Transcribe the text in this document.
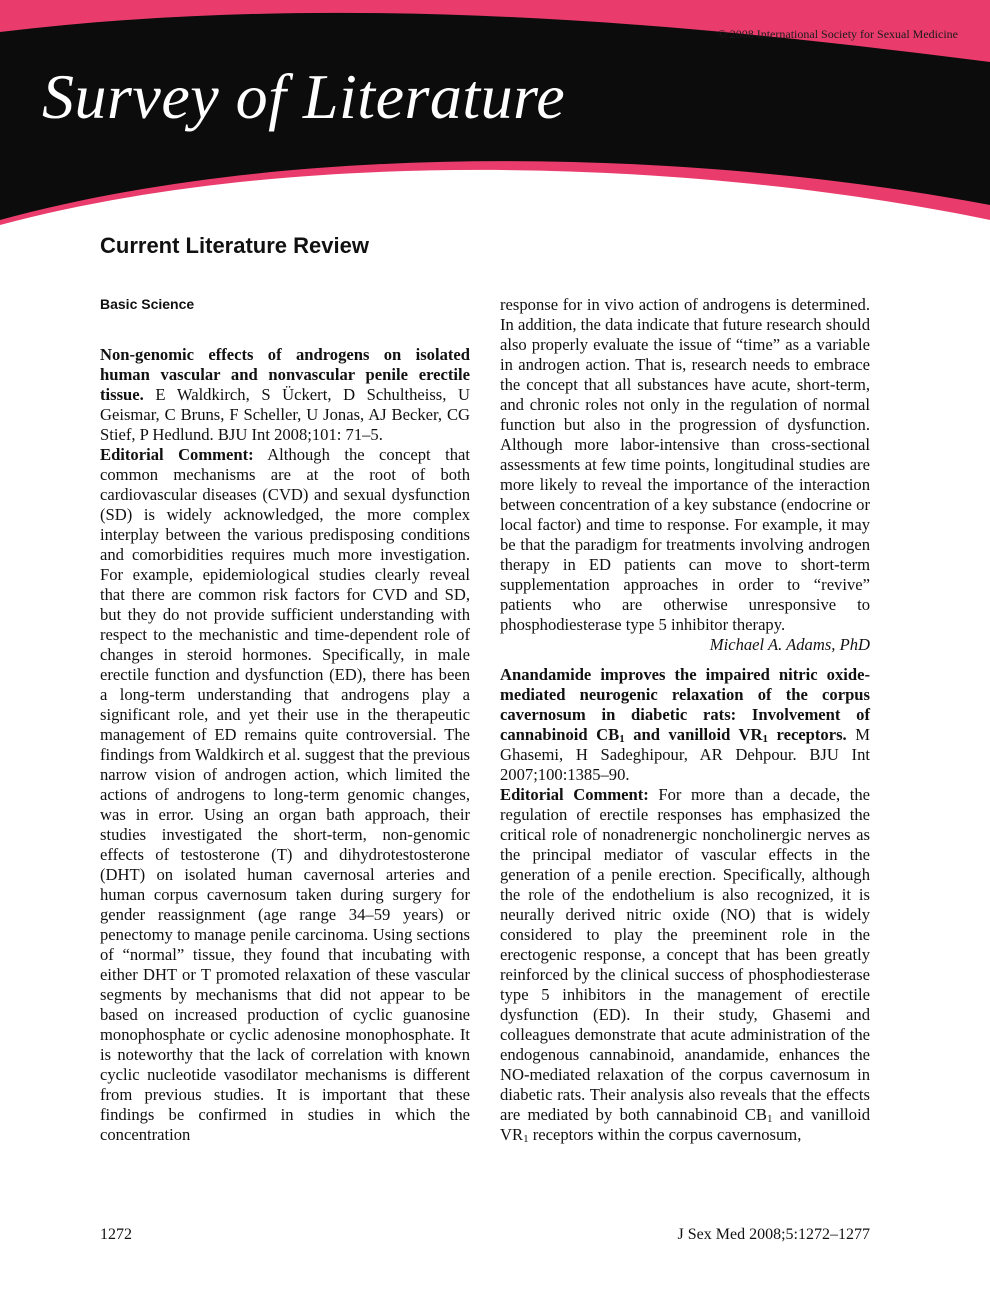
© 2008 International Society for Sexual Medicine
Survey of Literature
Current Literature Review
Basic Science

Non-genomic effects of androgens on isolated human vascular and nonvascular penile erectile tissue. E Waldkirch, S Ückert, D Schultheiss, U Geismar, C Bruns, F Scheller, U Jonas, AJ Becker, CG Stief, P Hedlund. BJU Int 2008;101: 71–5.

Editorial Comment: Although the concept that common mechanisms are at the root of both cardiovascular diseases (CVD) and sexual dysfunction (SD) is widely acknowledged, the more complex interplay between the various predisposing conditions and comorbidities requires much more investigation. For example, epidemiological studies clearly reveal that there are common risk factors for CVD and SD, but they do not provide sufficient understanding with respect to the mechanistic and time-dependent role of changes in steroid hormones. Specifically, in male erectile function and dysfunction (ED), there has been a long-term understanding that androgens play a significant role, and yet their use in the therapeutic management of ED remains quite controversial. The findings from Waldkirch et al. suggest that the previous narrow vision of androgen action, which limited the actions of androgens to long-term genomic changes, was in error. Using an organ bath approach, their studies investigated the short-term, non-genomic effects of testosterone (T) and dihydrotestosterone (DHT) on isolated human cavernosal arteries and human corpus cavernosum taken during surgery for gender reassignment (age range 34–59 years) or penectomy to manage penile carcinoma. Using sections of “normal” tissue, they found that incubating with either DHT or T promoted relaxation of these vascular segments by mechanisms that did not appear to be based on increased production of cyclic guanosine monophosphate or cyclic adenosine monophosphate. It is noteworthy that the lack of correlation with known cyclic nucleotide vasodilator mechanisms is different from previous studies. It is important that these findings be confirmed in studies in which the concentration

response for in vivo action of androgens is determined. In addition, the data indicate that future research should also properly evaluate the issue of “time” as a variable in androgen action. That is, research needs to embrace the concept that all substances have acute, short-term, and chronic roles not only in the regulation of normal function but also in the progression of dysfunction. Although more labor-intensive than cross-sectional assessments at few time points, longitudinal studies are more likely to reveal the importance of the interaction between concentration of a key substance (endocrine or local factor) and time to response. For example, it may be that the paradigm for treatments involving androgen therapy in ED patients can move to short-term supplementation approaches in order to “revive” patients who are otherwise unresponsive to phosphodiesterase type 5 inhibitor therapy.

Michael A. Adams, PhD

Anandamide improves the impaired nitric oxide-mediated neurogenic relaxation of the corpus cavernosum in diabetic rats: Involvement of cannabinoid $CB_1$ and vanilloid $VR_1$ receptors. M Ghasemi, H Sadeghipour, AR Dehpour. BJU Int 2007;100:1385–90.

Editorial Comment: For more than a decade, the regulation of erectile responses has emphasized the critical role of nonadrenergic noncholinergic nerves as the principal mediator of vascular effects in the generation of a penile erection. Specifically, although the role of the endothelium is also recognized, it is neurally derived nitric oxide (NO) that is widely considered to play the preeminent role in the erectogenic response, a concept that has been greatly reinforced by the clinical success of phosphodiesterase type 5 inhibitors in the management of erectile dysfunction (ED). In their study, Ghasemi and colleagues demonstrate that acute administration of the endogenous cannabinoid, anandamide, enhances the NO-mediated relaxation of the corpus cavernosum in diabetic rats. Their analysis also reveals that the effects are mediated by both cannabinoid $CB_1$ and vanilloid $VR_1$ receptors within the corpus cavernosum,

1272	J Sex Med 2008;5:1272–1277
